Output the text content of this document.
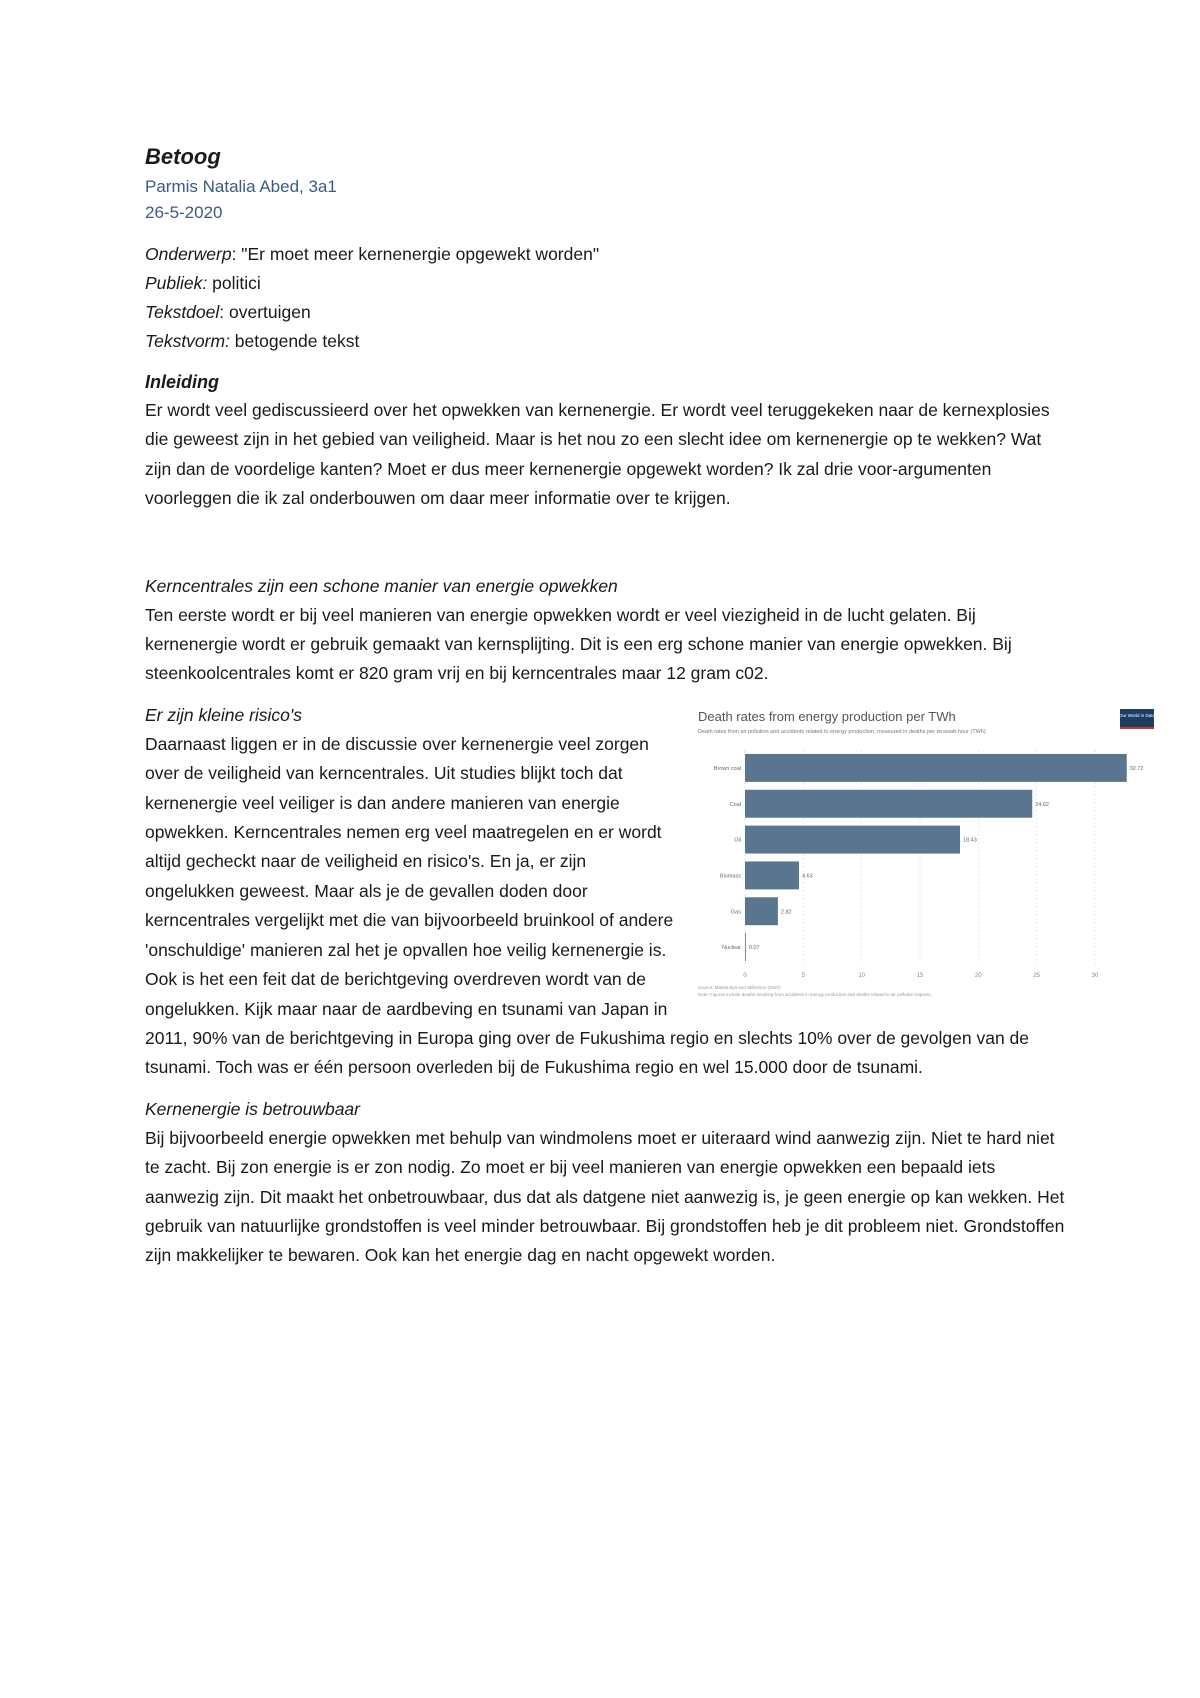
Betoog
Parmis Natalia Abed, 3a1
26-5-2020
Onderwerp: "Er moet meer kernenergie opgewekt worden"
Publiek: politici
Tekstdoel: overtuigen
Tekstvorm: betogende tekst
Inleiding

Er wordt veel gediscussieerd over het opwekken van kernenergie. Er wordt veel teruggekeken naar de kernexplosies die geweest zijn in het gebied van veiligheid. Maar is het nou zo een slecht idee om kernenergie op te wekken? Wat zijn dan de voordelige kanten? Moet er dus meer kernenergie opgewekt worden? Ik zal drie voor-argumenten voorleggen die ik zal onderbouwen om daar meer informatie over te krijgen.

Kerncentrales zijn een schone manier van energie opwekken

Ten eerste wordt er bij veel manieren van energie opwekken wordt er veel viezigheid in de lucht gelaten. Bij kernenergie wordt er gebruik gemaakt van kernsplijting. Dit is een erg schone manier van energie opwekken. Bij steenkoolcentrales komt er 820 gram vrij en bij kerncentrales maar 12 gram c02.

Death rates from energy production per TWh
Death rates from air pollution and accidents related to energy production, measured in deaths per terawatt-hour (TWh)
Our World in Data
0	5	10	15	20	25	30
Brown coal	32.72
Coal	24.62
Oil	18.43
Biomass	4.63
Gas	2.82
Nuclear 0.07
Source: Markandya and Wilkinson (2007)
Note: Figures include deaths resulting from accidents in energy production and deaths related to air pollution impacts.
Er zijn kleine risico's

Daarnaast liggen er in de discussie over kernenergie veel zorgen over de veiligheid van kerncentrales. Uit studies blijkt toch dat kernenergie veel veiliger is dan andere manieren van energie opwekken. Kerncentrales nemen erg veel maatregelen en er wordt altijd gecheckt naar de veiligheid en risico's. En ja, er zijn ongelukken geweest. Maar als je de gevallen doden door kerncentrales vergelijkt met die van bijvoorbeeld bruinkool of andere 'onschuldige' manieren zal het je opvallen hoe veilig kernenergie is. Ook is het een feit dat de berichtgeving overdreven wordt van de ongelukken. Kijk maar naar de aardbeving en tsunami van Japan in 2011, 90% van de berichtgeving in Europa ging over de Fukushima regio en slechts 10% over de gevolgen van de tsunami. Toch was er één persoon overleden bij de Fukushima regio en wel 15.000 door de tsunami.

Kernenergie is betrouwbaar

Bij bijvoorbeeld energie opwekken met behulp van windmolens moet er uiteraard wind aanwezig zijn. Niet te hard niet te zacht. Bij zon energie is er zon nodig. Zo moet er bij veel manieren van energie opwekken een bepaald iets aanwezig zijn. Dit maakt het onbetrouwbaar, dus dat als datgene niet aanwezig is, je geen energie op kan wekken. Het gebruik van natuurlijke grondstoffen is veel minder betrouwbaar. Bij grondstoffen heb je dit probleem niet. Grondstoffen zijn makkelijker te bewaren. Ook kan het energie dag en nacht opgewekt worden.
